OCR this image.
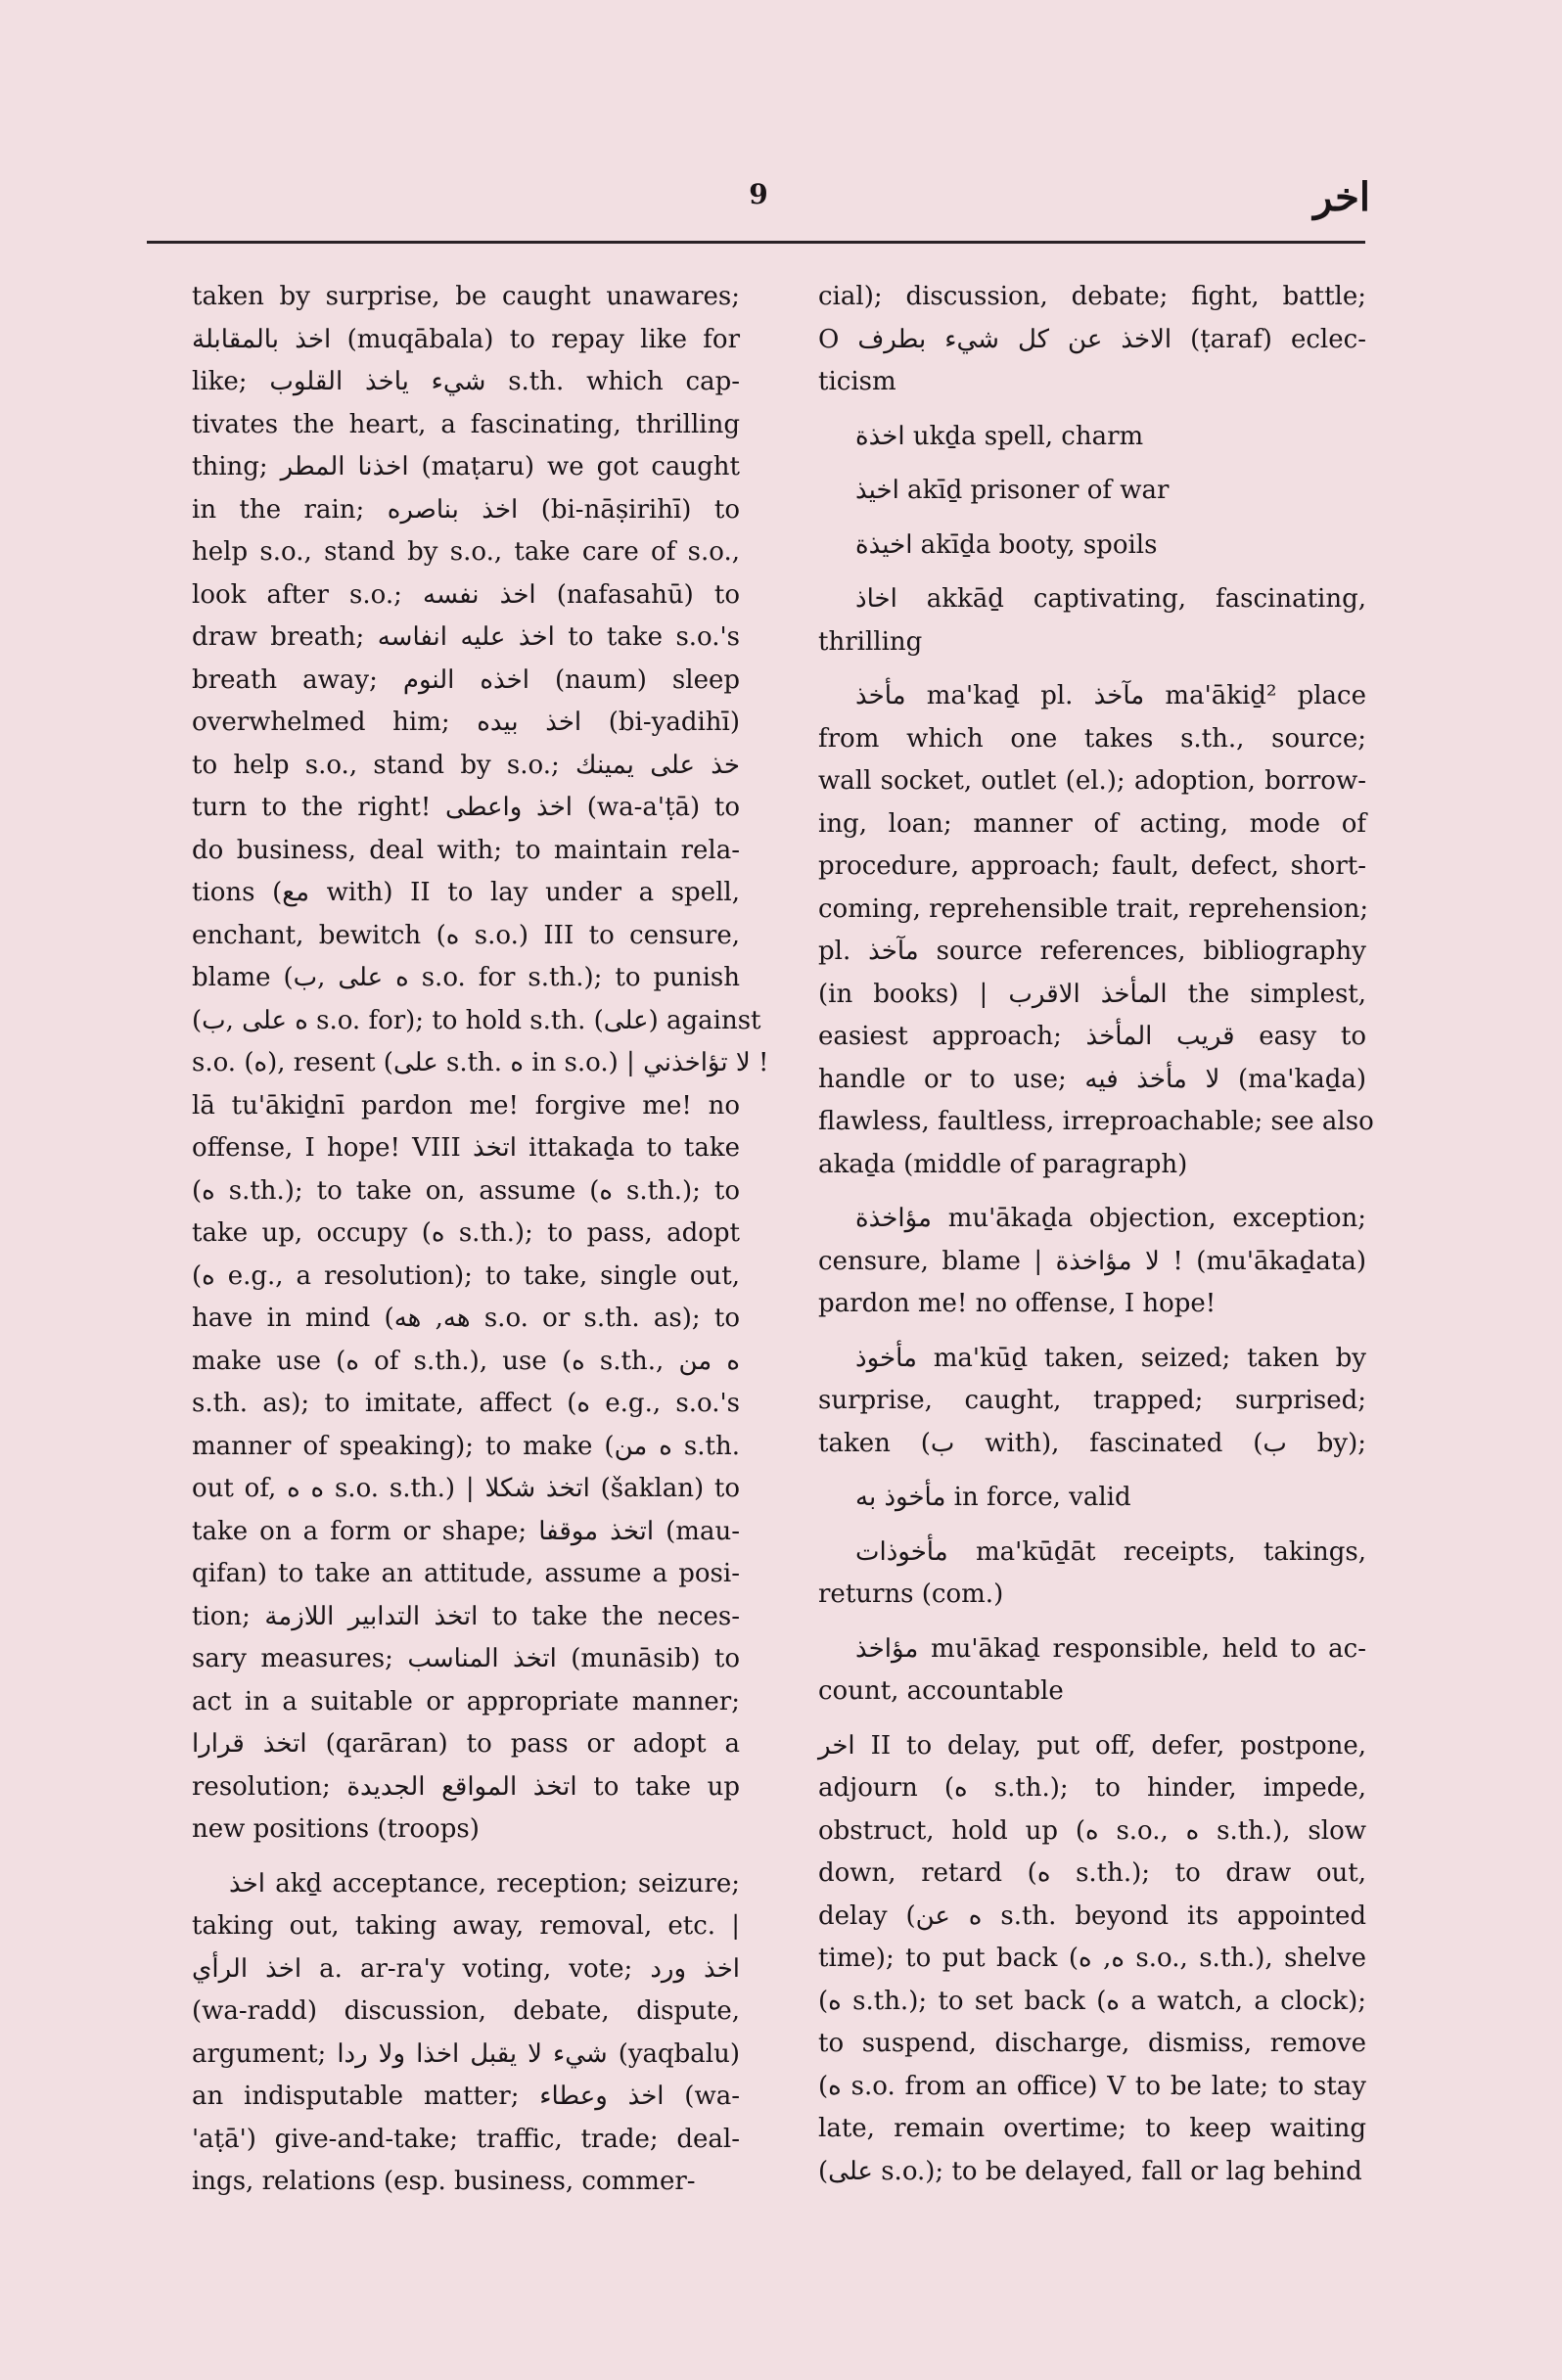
9	اخر
taken by surprise, be caught unawares;
اخذ بالمقابلة (muqābala) to repay like for
like; شيء ياخذ القلوب s.th. which cap-
tivates the heart, a fascinating, thrilling
thing; اخذنا المطر (maṭaru) we got caught
in the rain; اخذ بناصره (bi-nāṣirihī) to
help s.o., stand by s.o., take care of s.o.,
look after s.o.; اخذ نفسه (nafasahū) to
draw breath; اخذ عليه انفاسه to take s.o.'s
breath away; اخذه النوم (naum) sleep
overwhelmed him; اخذ بيده (bi-yadihī)
to help s.o., stand by s.o.; خذ على يمينك
turn to the right! اخذ واعطى (wa-a'ṭā) to
do business, deal with; to maintain rela-
tions (مع with) II to lay under a spell,
enchant, bewitch (ه s.o.) III to censure,
blame (ه على ,ب s.o. for s.th.); to punish
(ه على ,ب s.o. for); to hold s.th. (على) against
s.o. (ه), resent (على s.th. ه in s.o.) | لا تؤاخذني !
lā tu'ākiḏnī pardon me! forgive me! no
offense, I hope! VIII اتخذ ittakaḏa to take
(ه s.th.); to take on, assume (ه s.th.); to
take up, occupy (ه s.th.); to pass, adopt
(ه e.g., a resolution); to take, single out,
have in mind (هه, هه s.o. or s.th. as); to
make use (ه of s.th.), use (ه s.th., ه من
s.th. as); to imitate, affect (ه e.g., s.o.'s
manner of speaking); to make (ه من s.th.
out of, ه ه s.o. s.th.) | اتخذ شكلا (šaklan) to
take on a form or shape; اتخذ موقفا (mau-
qifan) to take an attitude, assume a posi-
tion; اتخذ التدابير اللازمة to take the neces-
sary measures; اتخذ المناسب (munāsib) to
act in a suitable or appropriate manner;
اتخذ قرارا (qarāran) to pass or adopt a
resolution; اتخذ المواقع الجديدة to take up
new positions (troops)
اخذ akḏ acceptance, reception; seizure;
taking out, taking away, removal, etc. |
اخذ الرأي a. ar-ra'y voting, vote; اخذ ورد
(wa-radd) discussion, debate, dispute,
argument; شيء لا يقبل اخذا ولا ردا (yaqbalu)
an indisputable matter; اخذ وعطاء (wa-
'aṭā') give-and-take; traffic, trade; deal-
ings, relations (esp. business, commer-
cial); discussion, debate; fight, battle;
O الاخذ عن كل شيء بطرف (ṭaraf) eclec-
ticism
اخذة ukḏa spell, charm
اخيذ akīḏ prisoner of war
اخيذة akīḏa booty, spoils
اخاذ akkāḏ captivating, fascinating,
thrilling
مأخذ ma'kaḏ pl. مآخذ ma'ākiḏ² place
from which one takes s.th., source;
wall socket, outlet (el.); adoption, borrow-
ing, loan; manner of acting, mode of
procedure, approach; fault, defect, short-
coming, reprehensible trait, reprehension;
pl. مآخذ source references, bibliography
(in books) | المأخذ الاقرب the simplest,
easiest approach; قريب المأخذ easy to
handle or to use; لا مأخذ فيه (ma'kaḏa)
flawless, faultless, irreproachable; see also
akaḏa (middle of paragraph)
مؤاخذة mu'ākaḏa objection, exception;
censure, blame | لا مؤاخذة ! (mu'ākaḏata)
pardon me! no offense, I hope!
مأخوذ ma'kūḏ taken, seized; taken by
surprise, caught, trapped; surprised;
taken (ب with), fascinated (ب by);
مأخوذ به in force, valid
مأخوذات ma'kūḏāt receipts, takings,
returns (com.)
مؤاخذ mu'ākaḏ responsible, held to ac-
count, accountable
اخر II to delay, put off, defer, postpone,
adjourn (ه s.th.); to hinder, impede,
obstruct, hold up (ه s.o., ه s.th.), slow
down, retard (ه s.th.); to draw out,
delay (ه عن s.th. beyond its appointed
time); to put back (ه, ه s.o., s.th.), shelve
(ه s.th.); to set back (ه a watch, a clock);
to suspend, discharge, dismiss, remove
(ه s.o. from an office) V to be late; to stay
late, remain overtime; to keep waiting
(على s.o.); to be delayed, fall or lag behind
